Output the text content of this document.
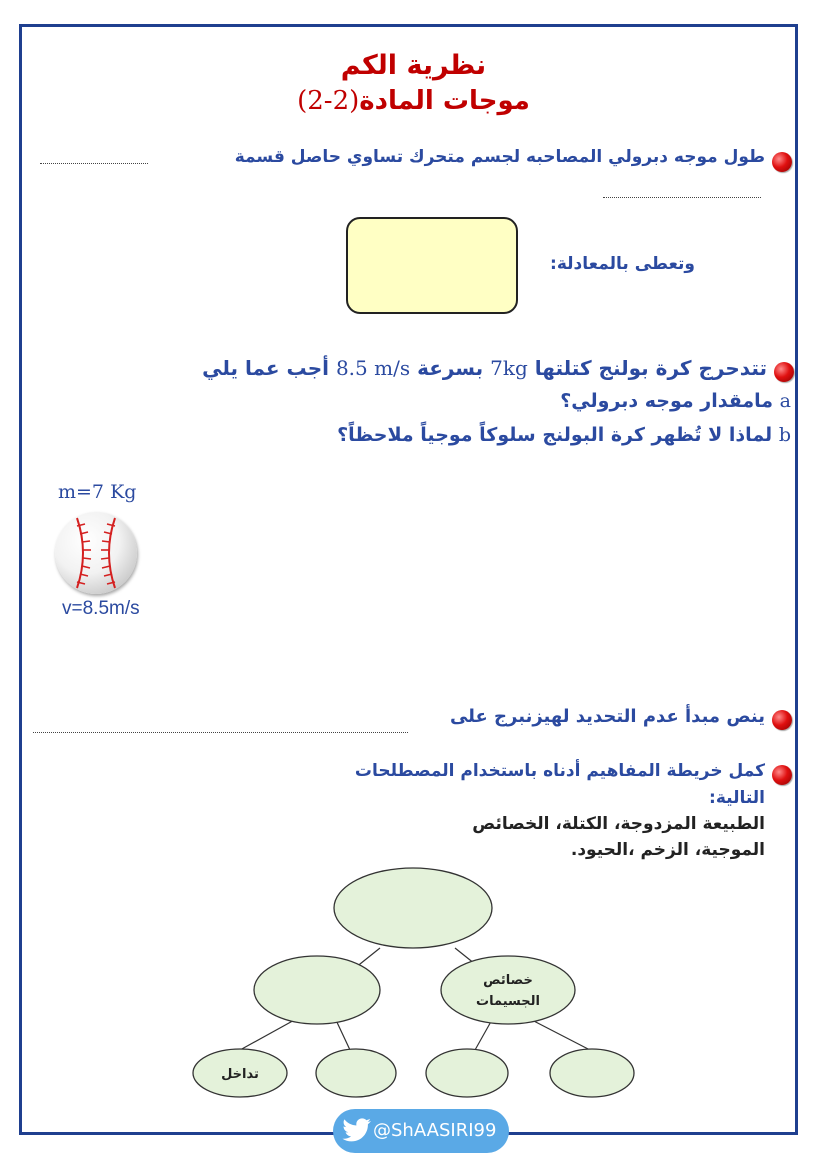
نظرية الكم
موجات المادة(2-2)
طول موجه دبرولي المصاحبه لجسم متحرك تساوي حاصل قسمة
وتعطى بالمعادلة:
تتدحرج كرة بولنج كتلتها 7kg بسرعة 8.5 m/s أجب عما يلي
a مامقدار موجه دبرولي؟
b لماذا لا تُظهر كرة البولنج سلوكاً موجياً ملاحظاً؟
m=7 Kg
v=8.5m/s
ينص مبدأ عدم التحديد لهيزنبرج على
كمل خريطة المفاهيم أدناه باستخدام المصطلحات
التالية:
الطبيعة المزدوجة، الكتلة، الخصائص
الموجية، الزخم ،الحيود.
خصائص
الجسيمات
تداخل
@ShAASIRI99
